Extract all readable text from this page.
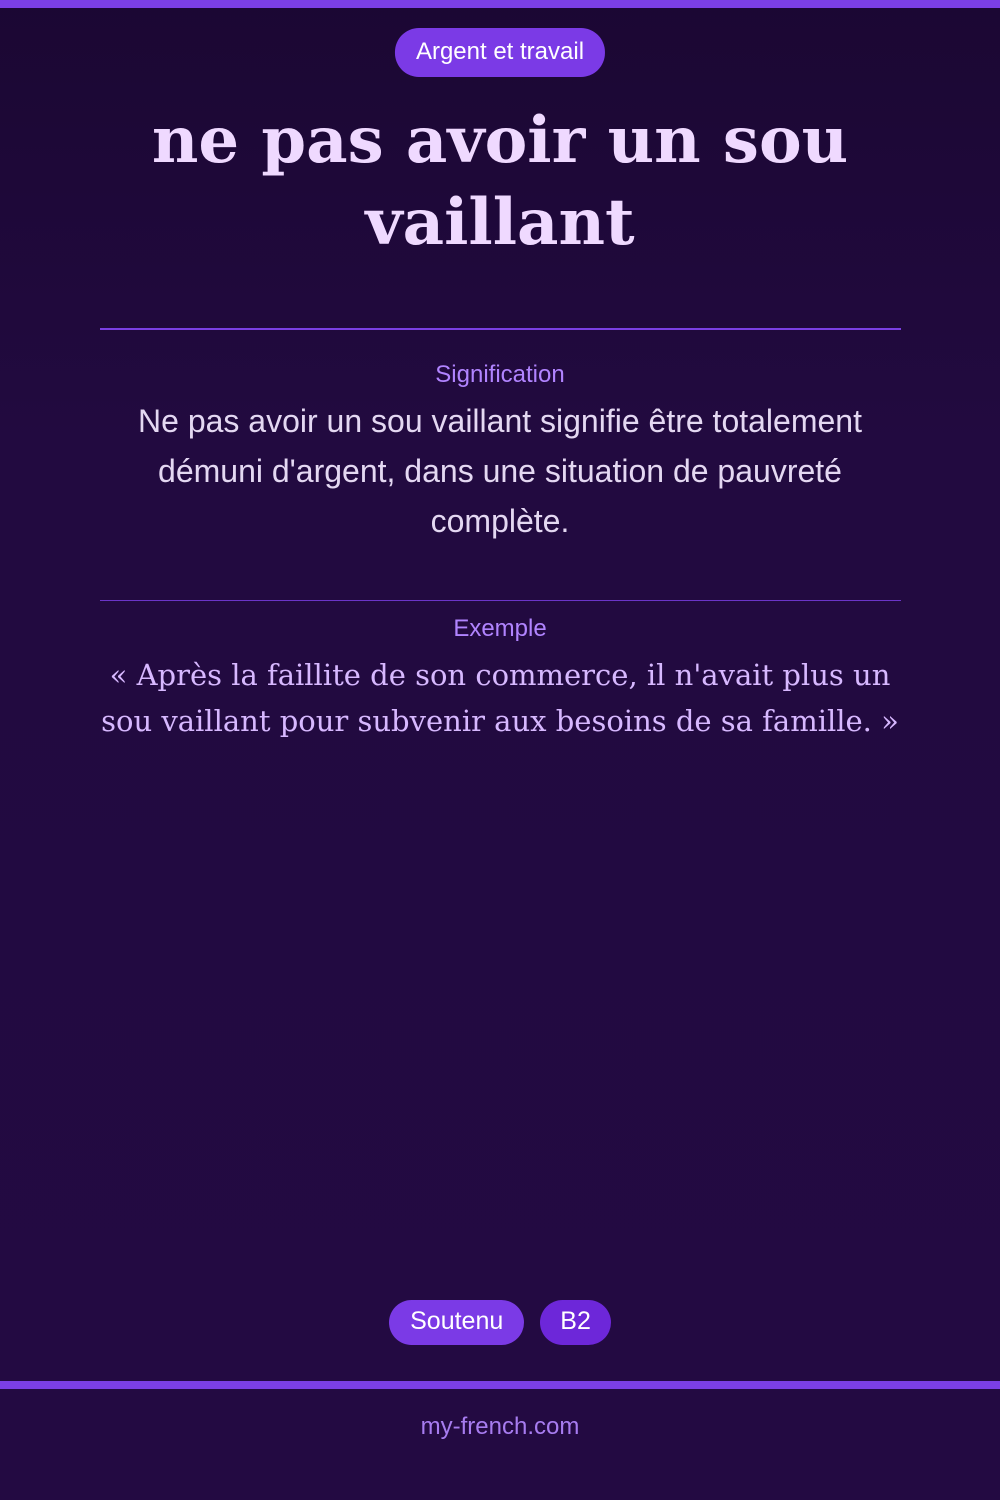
Argent et travail
ne pas avoir un sou vaillant
Signification

Ne pas avoir un sou vaillant signifie être totalement démuni d'argent, dans une situation de pauvreté complète.

Exemple

« Après la faillite de son commerce, il n'avait plus un sou vaillant pour subvenir aux besoins de sa famille. »

Soutenu	B2
my-french.com
